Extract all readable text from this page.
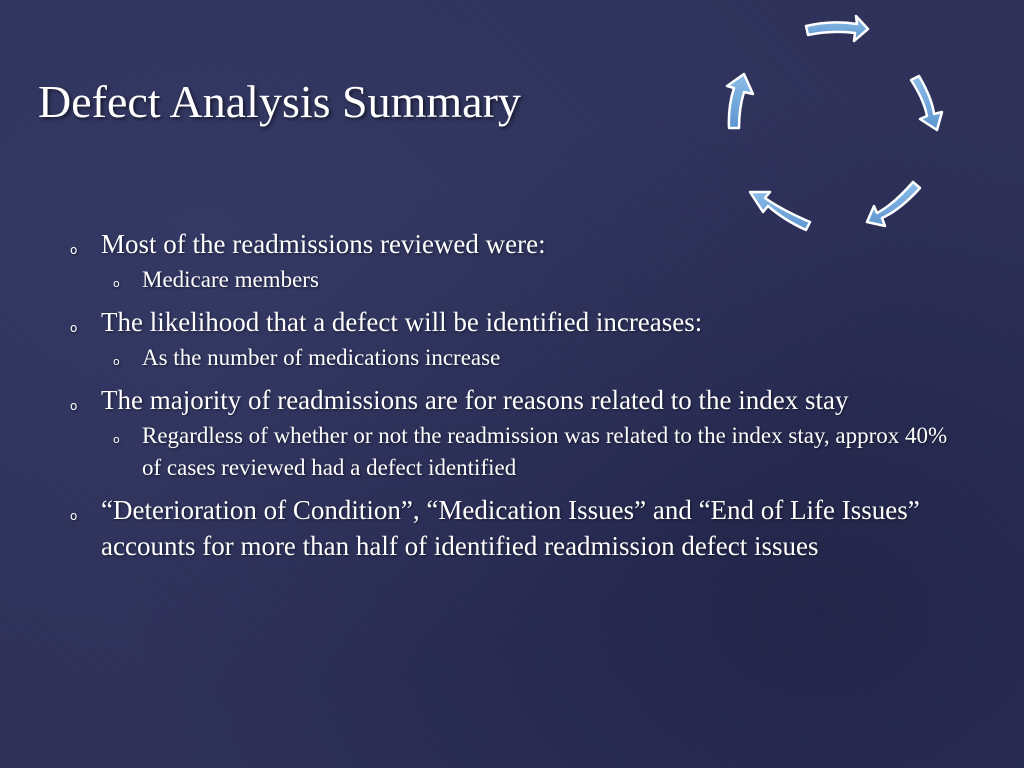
Defect Analysis Summary
o Most of the readmissions reviewed were:
o Medicare members
o The likelihood that a defect will be identified increases:
o As the number of medications increase
o The majority of readmissions are for reasons related to the index stay
o Regardless of whether or not the readmission was related to the index stay, approx 40% of cases reviewed had a defect identified
o “Deterioration of Condition”, “Medication Issues” and “End of Life Issues” accounts for more than half of identified readmission defect issues
